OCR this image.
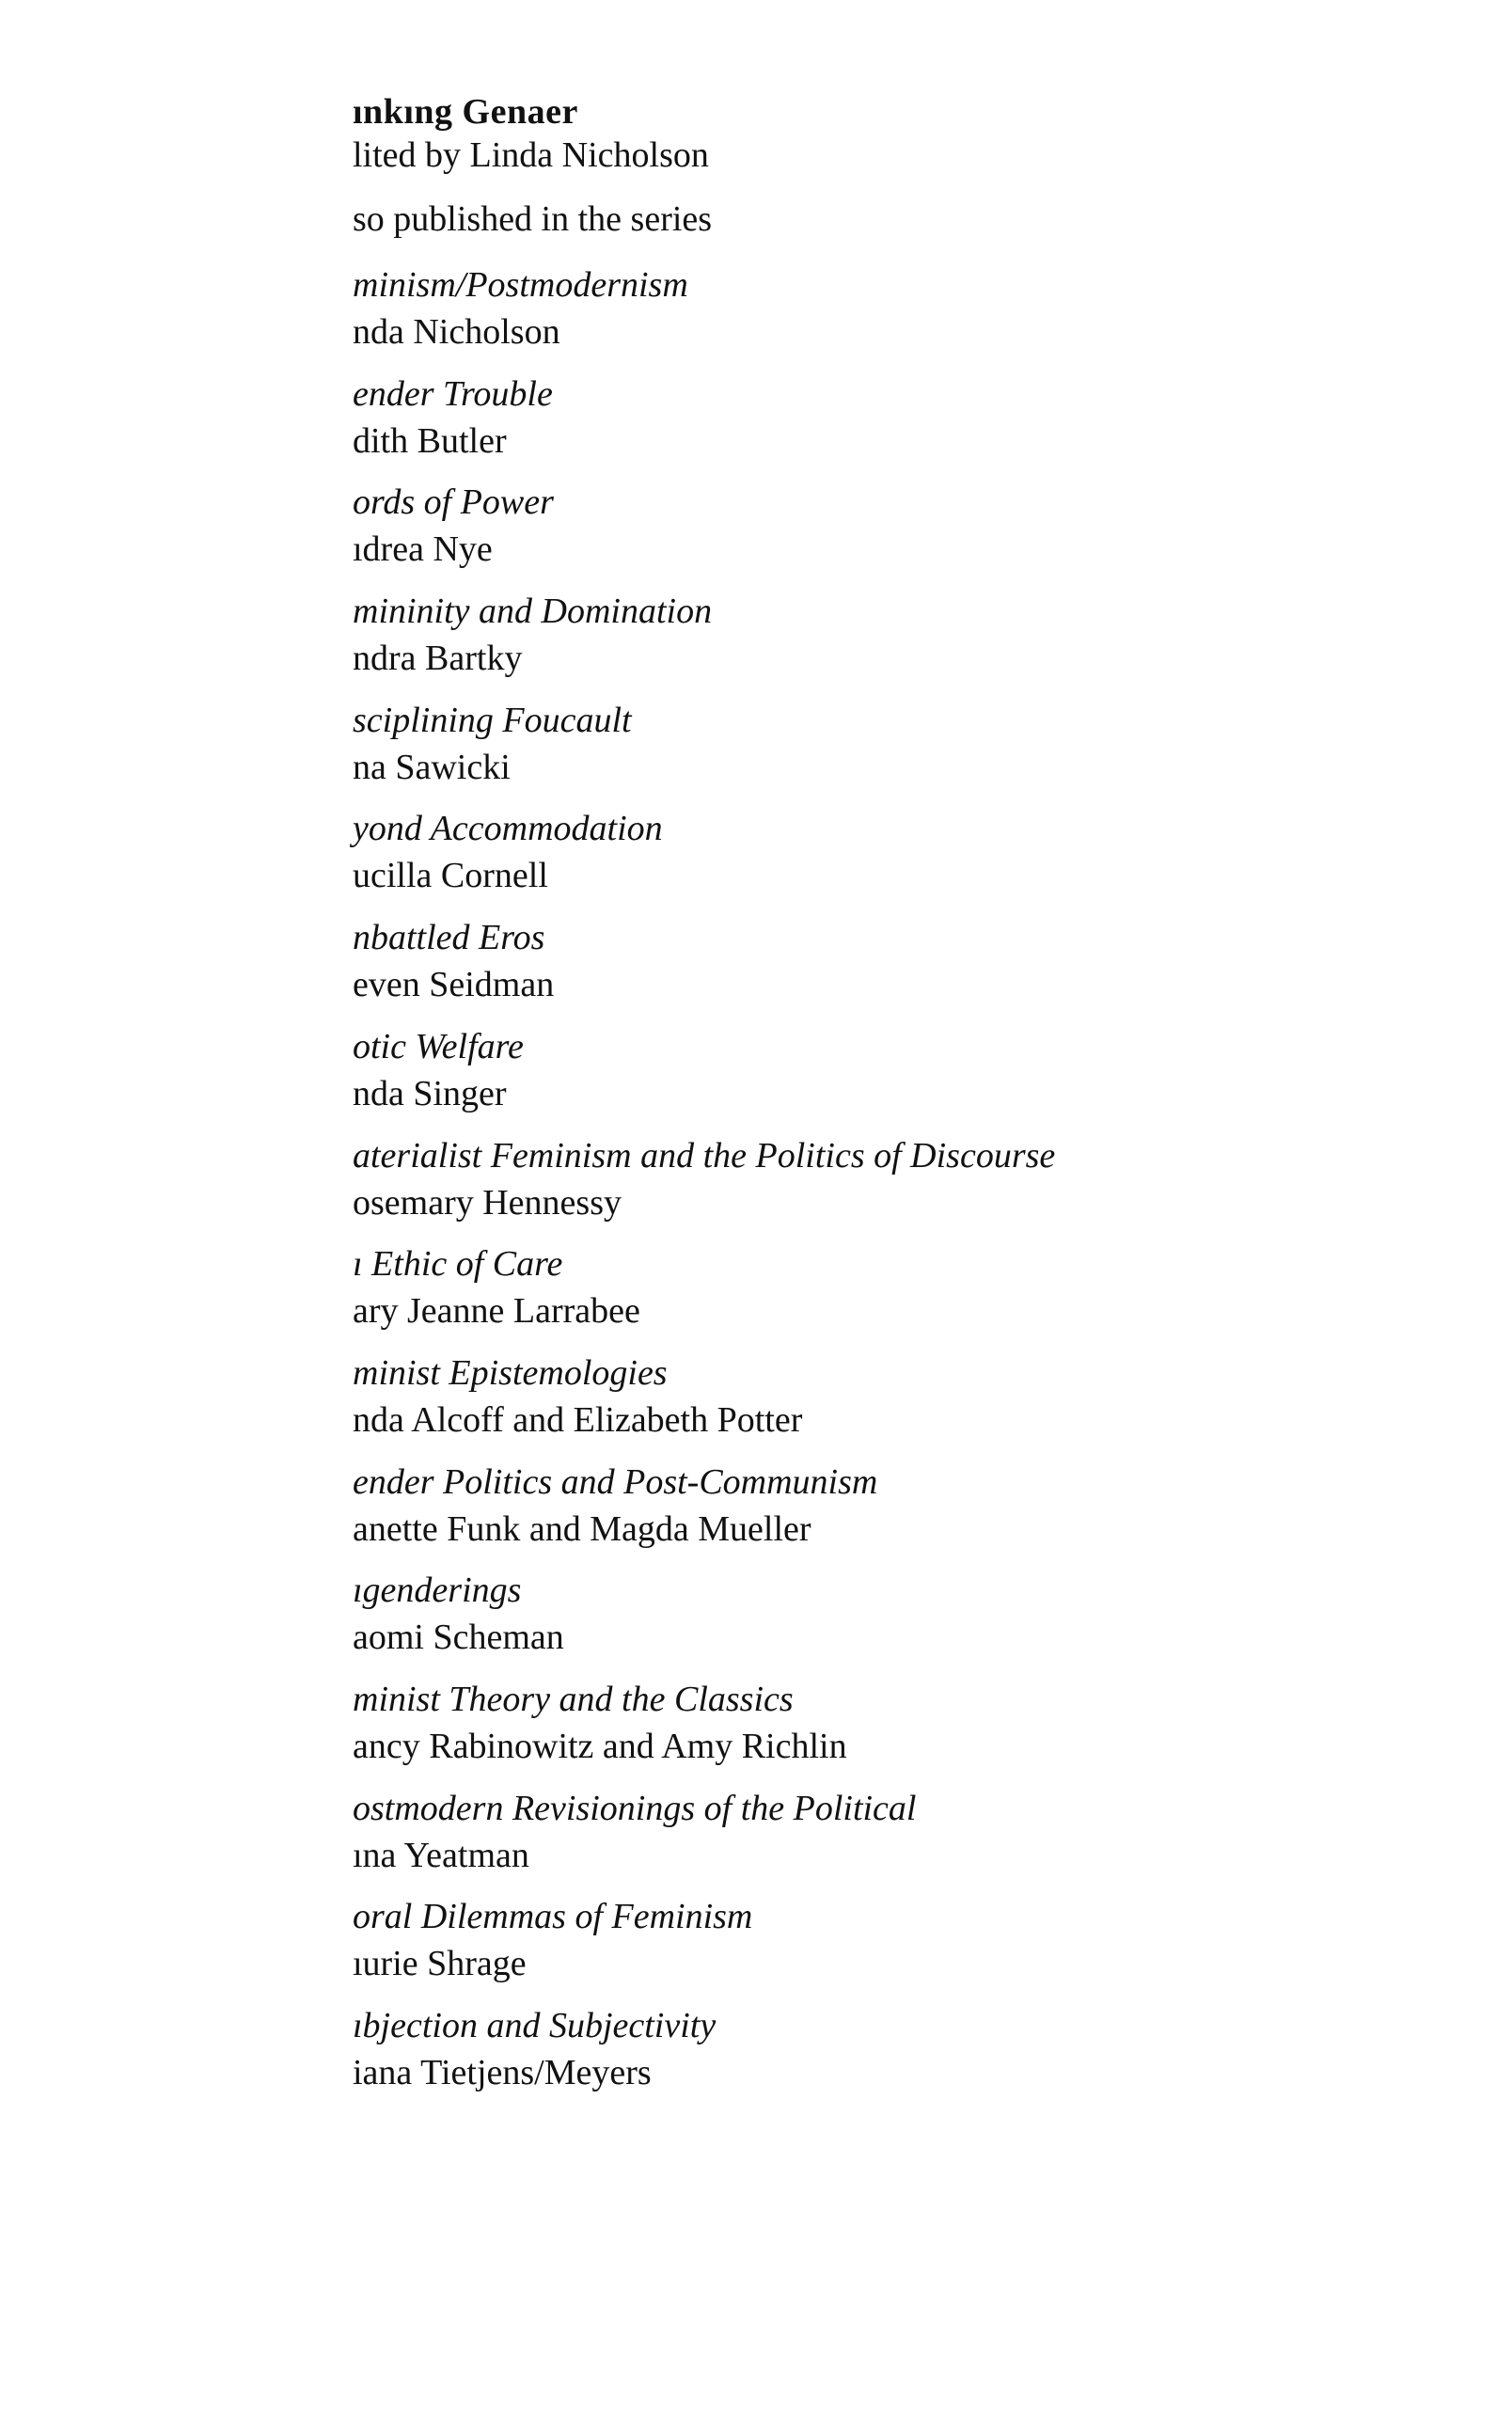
ınkıng Genaer
lited by Linda Nicholson
so published in the series
minism/Postmodernism
nda Nicholson
ender Trouble
dith Butler
ords of Power
ıdrea Nye
mininity and Domination
ndra Bartky
sciplining Foucault
na Sawicki
yond Accommodation
ucilla Cornell
nbattled Eros
even Seidman
otic Welfare
nda Singer
aterialist Feminism and the Politics of Discourse
osemary Hennessy
ı Ethic of Care
ary Jeanne Larrabee
minist Epistemologies
nda Alcoff and Elizabeth Potter
ender Politics and Post-Communism
anette Funk and Magda Mueller
ıgenderings
aomi Scheman
minist Theory and the Classics
ancy Rabinowitz and Amy Richlin
ostmodern Revisionings of the Political
ına Yeatman
oral Dilemmas of Feminism
ıurie Shrage
ıbjection and Subjectivity
iana Tietjens/Meyers
